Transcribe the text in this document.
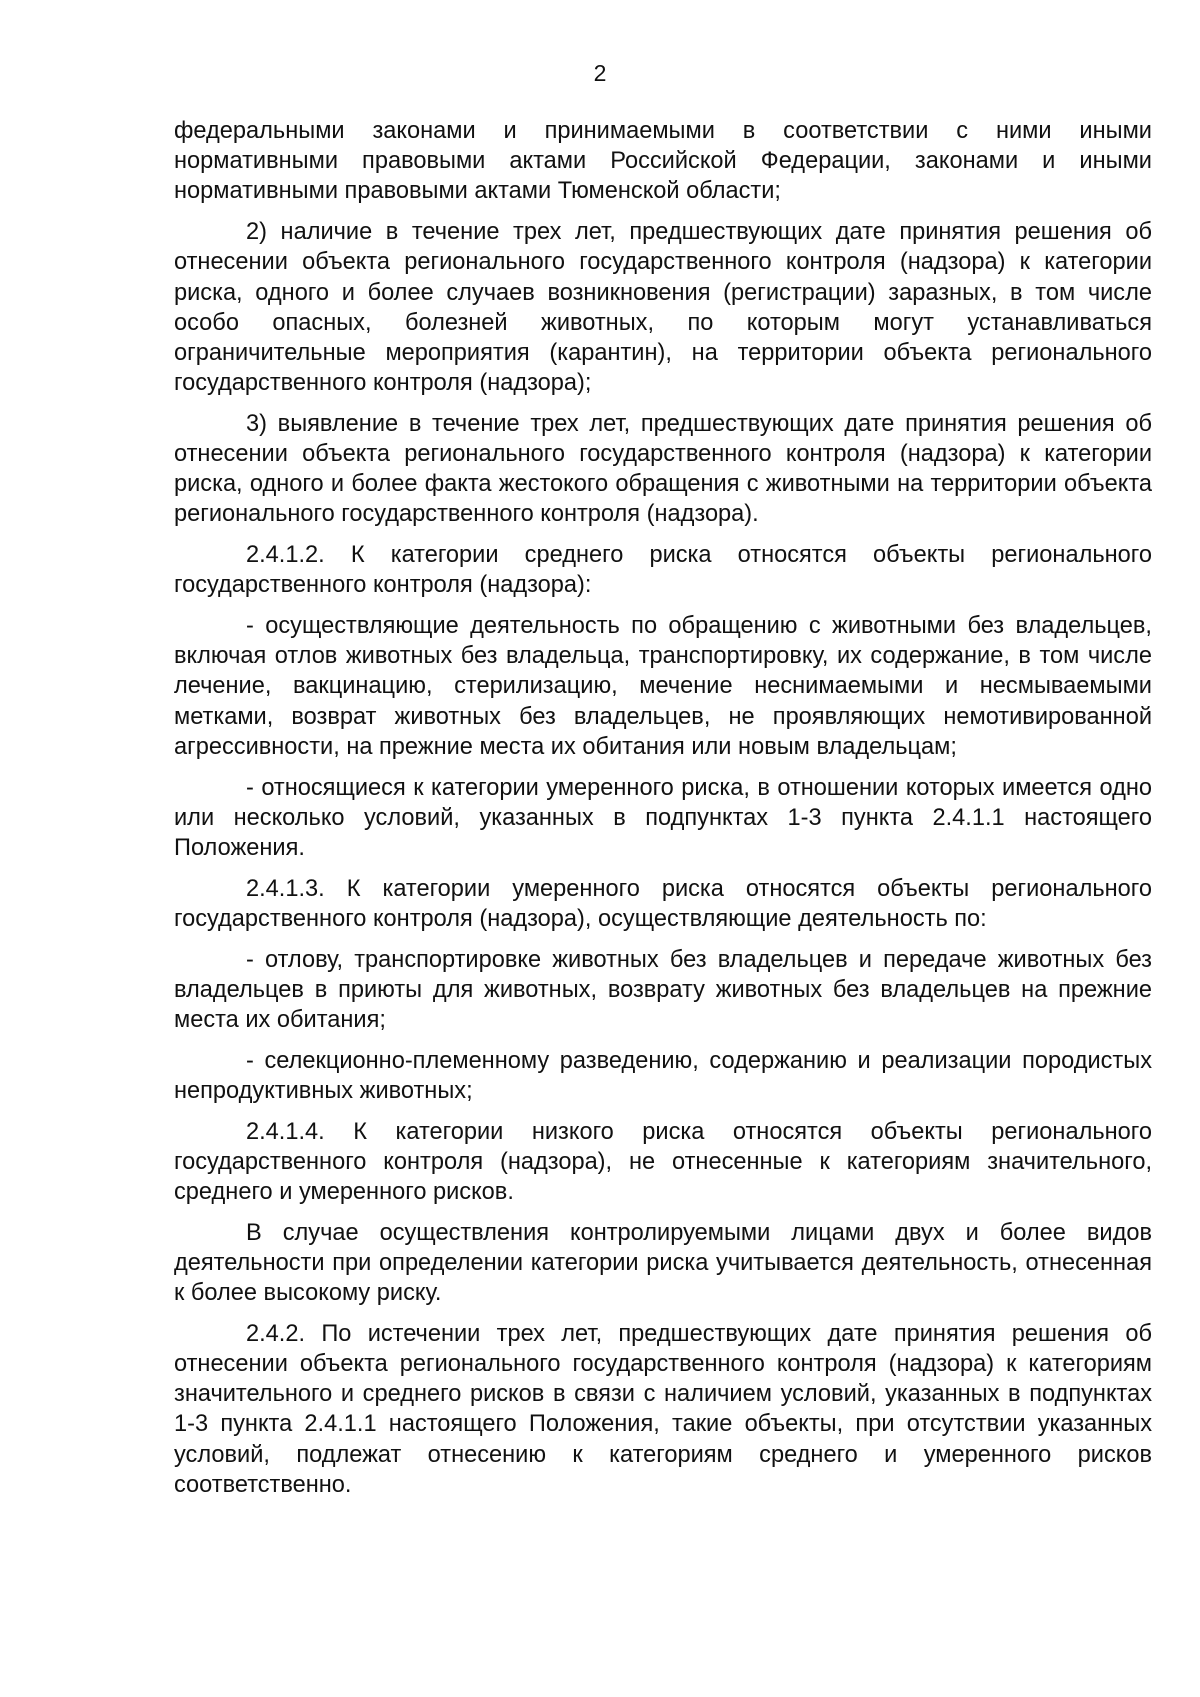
2

федеральными законами и принимаемыми в соответствии с ними иными нормативными правовыми актами Российской Федерации, законами и иными нормативными правовыми актами Тюменской области;

2) наличие в течение трех лет, предшествующих дате принятия решения об отнесении объекта регионального государственного контроля (надзора) к категории риска, одного и более случаев возникновения (регистрации) заразных, в том числе особо опасных, болезней животных, по которым могут устанавливаться ограничительные мероприятия (карантин), на территории объекта регионального государственного контроля (надзора);

3) выявление в течение трех лет, предшествующих дате принятия решения об отнесении объекта регионального государственного контроля (надзора) к категории риска, одного и более факта жестокого обращения с животными на территории объекта регионального государственного контроля (надзора).

2.4.1.2. К категории среднего риска относятся объекты регионального государственного контроля (надзора):

- осуществляющие деятельность по обращению с животными без владельцев, включая отлов животных без владельца, транспортировку, их содержание, в том числе лечение, вакцинацию, стерилизацию, мечение неснимаемыми и несмываемыми метками, возврат животных без владельцев, не проявляющих немотивированной агрессивности, на прежние места их обитания или новым владельцам;

- относящиеся к категории умеренного риска, в отношении которых имеется одно или несколько условий, указанных в подпунктах 1-3 пункта 2.4.1.1 настоящего Положения.

2.4.1.3. К категории умеренного риска относятся объекты регионального государственного контроля (надзора), осуществляющие деятельность по:

- отлову, транспортировке животных без владельцев и передаче животных без владельцев в приюты для животных, возврату животных без владельцев на прежние места их обитания;

- селекционно-племенному разведению, содержанию и реализации породистых непродуктивных животных;

2.4.1.4. К категории низкого риска относятся объекты регионального государственного контроля (надзора), не отнесенные к категориям значительного, среднего и умеренного рисков.

В случае осуществления контролируемыми лицами двух и более видов деятельности при определении категории риска учитывается деятельность, отнесенная к более высокому риску.

2.4.2. По истечении трех лет, предшествующих дате принятия решения об отнесении объекта регионального государственного контроля (надзора) к категориям значительного и среднего рисков в связи с наличием условий, указанных в подпунктах 1-3 пункта 2.4.1.1 настоящего Положения, такие объекты, при отсутствии указанных условий, подлежат отнесению к категориям среднего и умеренного рисков соответственно.
